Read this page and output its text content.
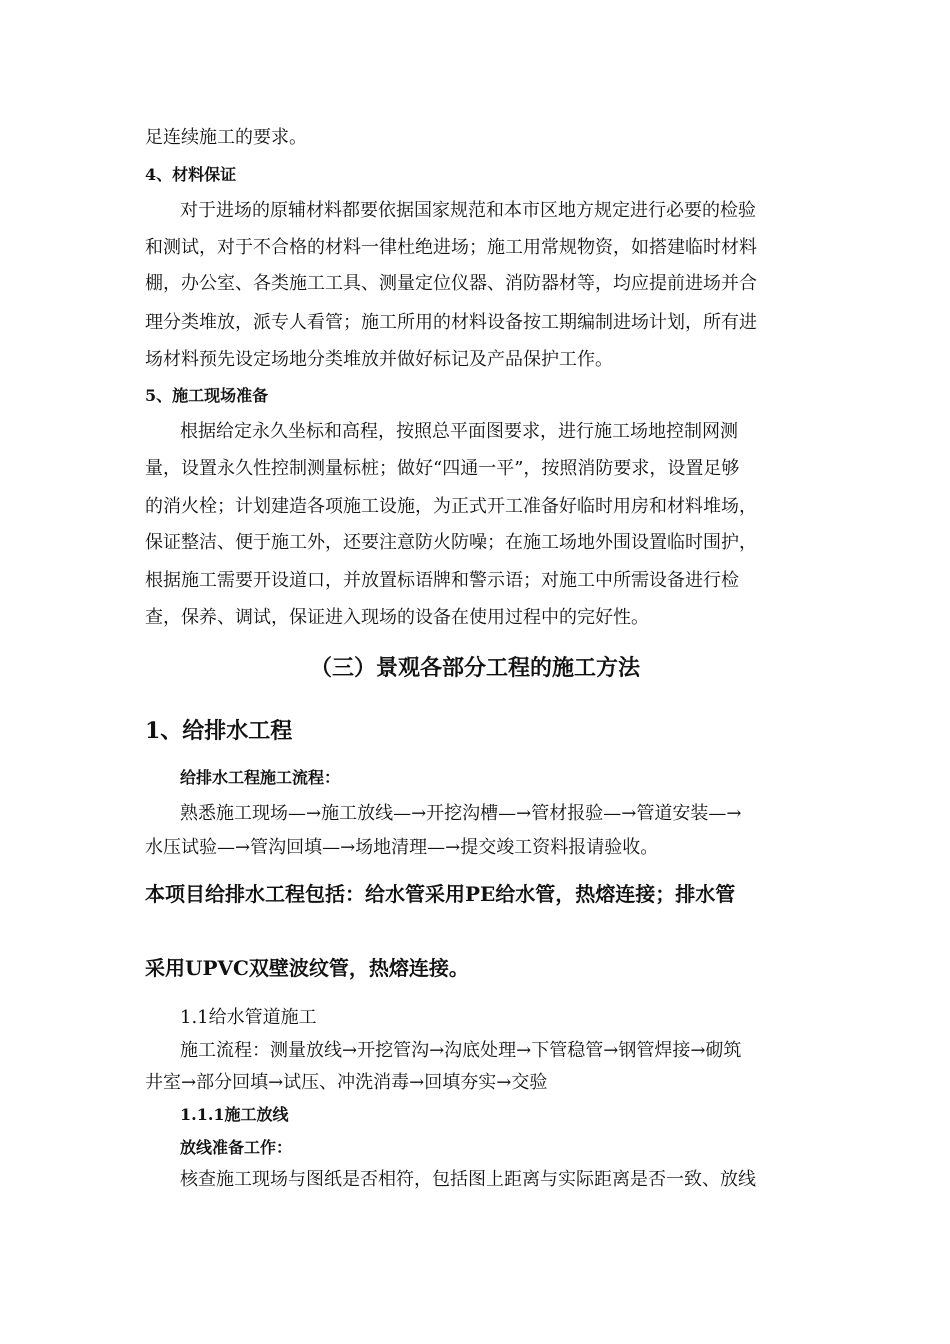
足连续施工的要求。
4、材料保证
对于进场的原辅材料都要依据国家规范和本市区地方规定进行必要的检验
和测试，对于不合格的材料一律杜绝进场；施工用常规物资，如搭建临时材料
棚，办公室、各类施工工具、测量定位仪器、消防器材等，均应提前进场并合
理分类堆放，派专人看管；施工所用的材料设备按工期编制进场计划，所有进
场材料预先设定场地分类堆放并做好标记及产品保护工作。
5、施工现场准备
根据给定永久坐标和高程，按照总平面图要求，进行施工场地控制网测
量，设置永久性控制测量标桩；做好“四通一平”，按照消防要求，设置足够
的消火栓；计划建造各项施工设施，为正式开工准备好临时用房和材料堆场，
保证整洁、便于施工外，还要注意防火防噪；在施工场地外围设置临时围护，
根据施工需要开设道口，并放置标语牌和警示语；对施工中所需设备进行检
查，保养、调试，保证进入现场的设备在使用过程中的完好性。
（三）景观各部分工程的施工方法
1、给排水工程
给排水工程施工流程：
熟悉施工现场—→施工放线—→开挖沟槽—→管材报验—→管道安装—→
水压试验—→管沟回填—→场地清理—→提交竣工资料报请验收。
本项目给排水工程包括：给水管采用PE给水管，热熔连接；排水管
采用UPVC双壁波纹管，热熔连接。
1.1给水管道施工
施工流程：测量放线→开挖管沟→沟底处理→下管稳管→钢管焊接→砌筑
井室→部分回填→试压、冲洗消毒→回填夯实→交验
1.1.1施工放线
放线准备工作：
核查施工现场与图纸是否相符，包括图上距离与实际距离是否一致、放线
